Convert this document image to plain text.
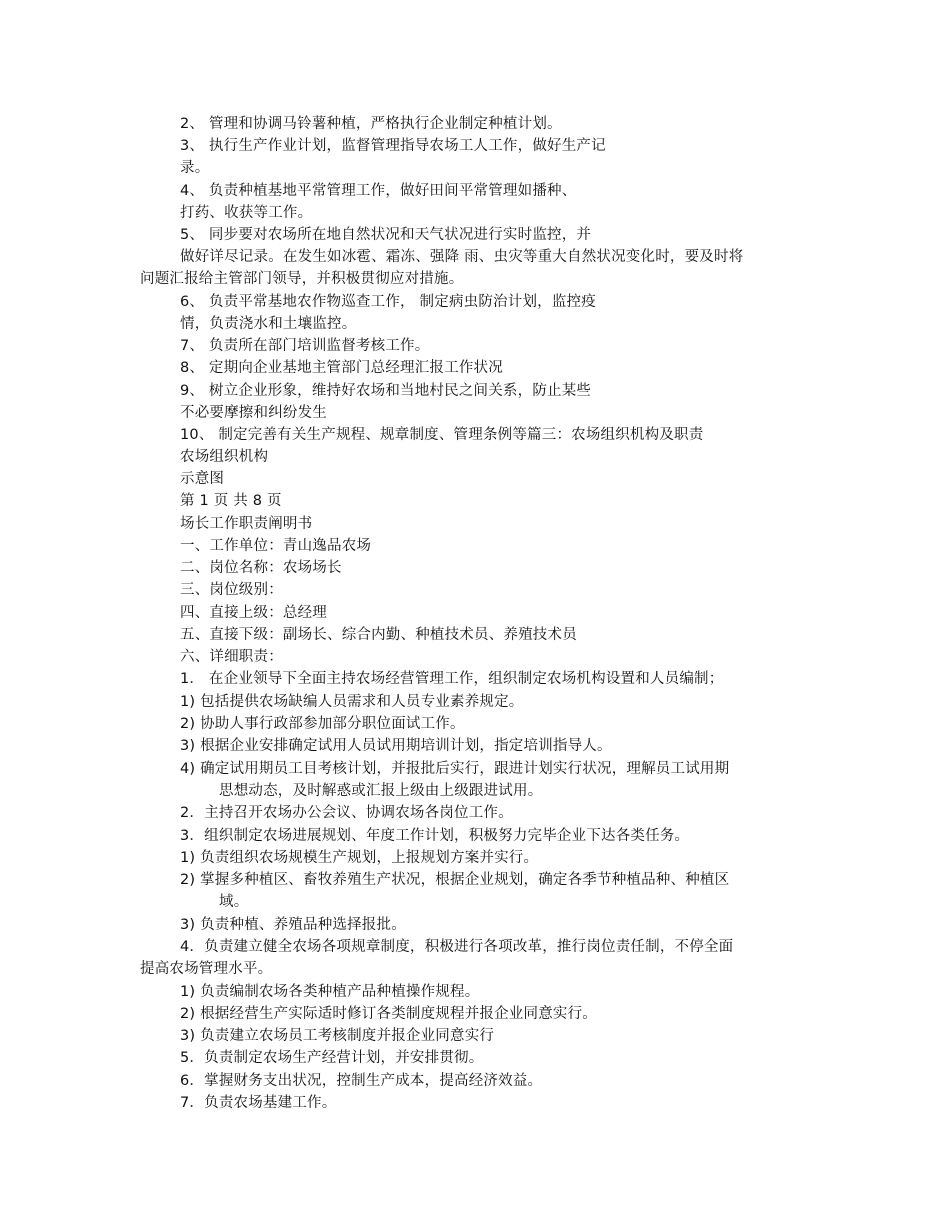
2、 管理和协调马铃薯种植，严格执行企业制定种植计划。
3、 执行生产作业计划，监督管理指导农场工人工作，做好生产记
录。
4、 负责种植基地平常管理工作，做好田间平常管理如播种、
打药、收获等工作。
5、 同步要对农场所在地自然状况和天气状况进行实时监控，并
做好详尽记录。在发生如冰雹、霜冻、强降 雨、虫灾等重大自然状况变化时，要及时将
问题汇报给主管部门领导，并积极贯彻应对措施。
6、 负责平常基地农作物巡查工作， 制定病虫防治计划，监控疫
情，负责浇水和土壤监控。
7、 负责所在部门培训监督考核工作。
8、 定期向企业基地主管部门总经理汇报工作状况
9、 树立企业形象，维持好农场和当地村民之间关系，防止某些
不必要摩擦和纠纷发生
10、 制定完善有关生产规程、规章制度、管理条例等篇三：农场组织机构及职责
农场组织机构
示意图
第 1 页 共 8 页
场长工作职责阐明书
一、工作单位：青山逸品农场
二、岗位名称：农场场长
三、岗位级别：
四、直接上级：总经理
五、直接下级：副场长、综合内勤、种植技术员、养殖技术员
六、详细职责：
1． 在企业领导下全面主持农场经营管理工作，组织制定农场机构设置和人员编制；
1) 包括提供农场缺编人员需求和人员专业素养规定。
2) 协助人事行政部参加部分职位面试工作。
3) 根据企业安排确定试用人员试用期培训计划，指定培训指导人。
4) 确定试用期员工目考核计划，并报批后实行，跟进计划实行状况，理解员工试用期
思想动态，及时解惑或汇报上级由上级跟进试用。
2．主持召开农场办公会议、协调农场各岗位工作。
3．组织制定农场进展规划、年度工作计划，积极努力完毕企业下达各类任务。
1) 负责组织农场规模生产规划，上报规划方案并实行。
2) 掌握多种植区、畜牧养殖生产状况，根据企业规划，确定各季节种植品种、种植区
域。
3) 负责种植、养殖品种选择报批。
4．负责建立健全农场各项规章制度，积极进行各项改革，推行岗位责任制，不停全面
提高农场管理水平。
1) 负责编制农场各类种植产品种植操作规程。
2) 根据经营生产实际适时修订各类制度规程并报企业同意实行。
3) 负责建立农场员工考核制度并报企业同意实行
5．负责制定农场生产经营计划，并安排贯彻。
6．掌握财务支出状况，控制生产成本，提高经济效益。
7．负责农场基建工作。
